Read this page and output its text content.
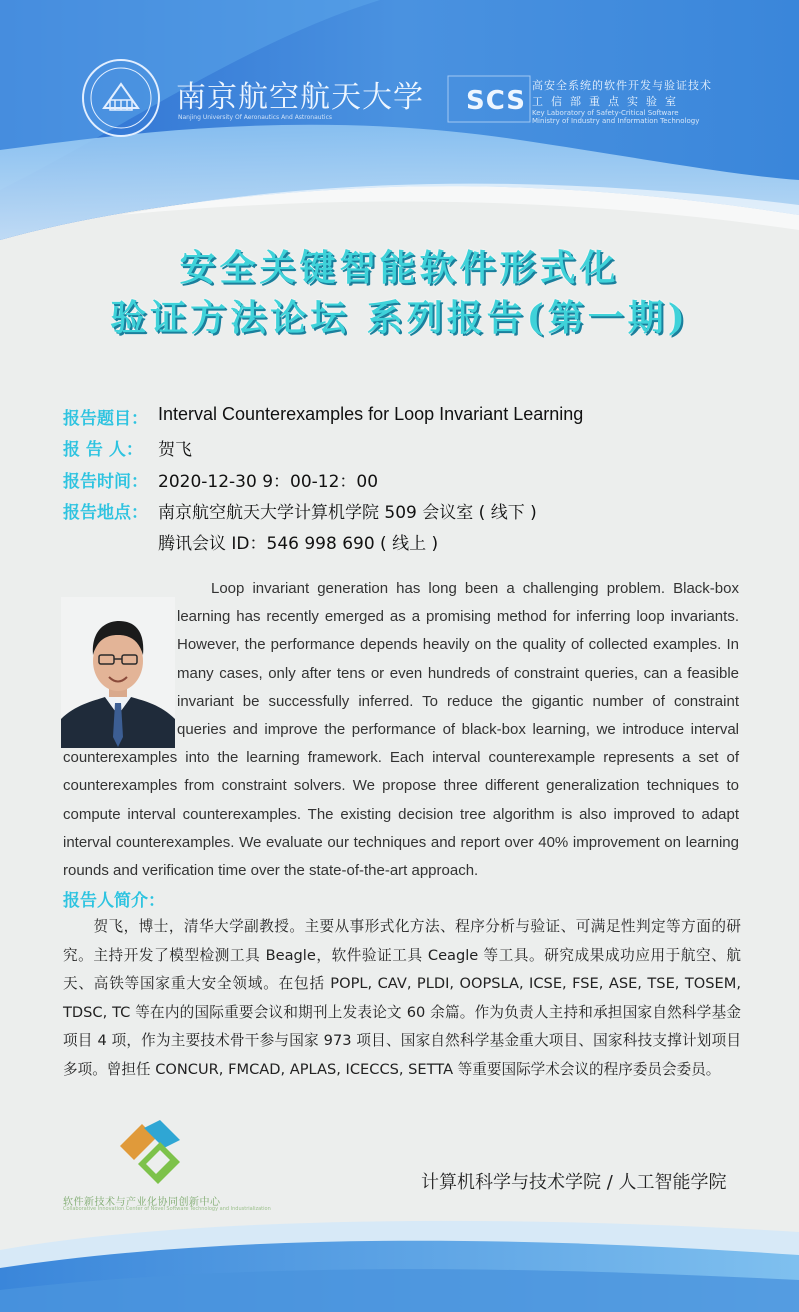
SCS
南京航空航天大学
Nanjing University Of Aeronautics And Astronautics
高安全系统的软件开发与验证技术
工信部重点实验室
Key Laboratory of Safety-Critical Software
Ministry of Industry and Information Technology
安全关键智能软件形式化
验证方法论坛 系列报告(第一期)
报告题目： Interval Counterexamples for Loop Invariant Learning
报 告 人： 贺飞
报告时间： 2020-12-30 9：00-12：00
报告地点： 南京航空航天大学计算机学院 509 会议室 ( 线下 )
腾讯会议 ID：546 998 690 ( 线上 )
Loop invariant generation has long been a challenging problem. Black-box learning has recently emerged as a promising method for inferring loop invariants. However, the performance depends heavily on the quality of collected examples. In many cases, only after tens or even hundreds of constraint queries, can a feasible invariant be successfully inferred. To reduce the gigantic number of constraint queries and improve the performance of black-box learning, we introduce interval counterexamples into the learning framework. Each interval counterexample represents a set of counterexamples from constraint solvers. We propose three different generalization techniques to compute interval counterexamples. The existing decision tree algorithm is also improved to adapt interval counterexamples. We evaluate our techniques and report over 40% improvement on learning rounds and verification time over the state-of-the-art approach.
报告人简介：
贺飞，博士，清华大学副教授。主要从事形式化方法、程序分析与验证、可满足性判定等方面的研究。主持开发了模型检测工具 Beagle，软件验证工具 Ceagle 等工具。研究成果成功应用于航空、航天、高铁等国家重大安全领域。在包括 POPL, CAV, PLDI, OOPSLA, ICSE, FSE, ASE, TSE, TOSEM, TDSC, TC 等在内的国际重要会议和期刊上发表论文 60 余篇。作为负责人主持和承担国家自然科学基金项目 4 项，作为主要技术骨干参与国家 973 项目、国家自然科学基金重大项目、国家科技支撑计划项目多项。曾担任 CONCUR, FMCAD, APLAS, ICECCS, SETTA 等重要国际学术会议的程序委员会委员。
软件新技术与产业化协同创新中心
Collaborative Innovation Center of Novel Software Technology and Industrialization
计算机科学与技术学院 / 人工智能学院
